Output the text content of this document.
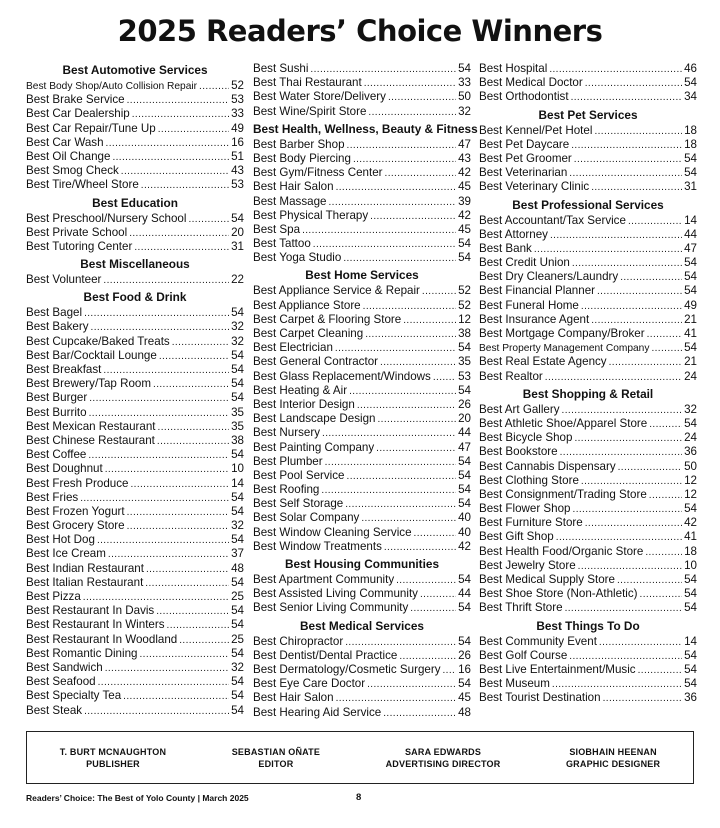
2025 Readers’ Choice Winners
Best Automotive Services
Best Body Shop/Auto Collision Repair .....	52
Best Brake Service .....	53
Best Car Dealership .....	33
Best Car Repair/Tune Up .....	49
Best Car Wash .....	16
Best Oil Change .....	51
Best Smog Check .....	43
Best Tire/Wheel Store .....	53
Best Education
Best Preschool/Nursery School .....	54
Best Private School .....	20
Best Tutoring Center .....	31
Best Miscellaneous
Best Volunteer .....	22
Best Food & Drink
Best Bagel .....	54
Best Bakery .....	32
Best Cupcake/Baked Treats .....	32
Best Bar/Cocktail Lounge .....	54
Best Breakfast .....	54
Best Brewery/Tap Room .....	54
Best Burger .....	54
Best Burrito .....	35
Best Mexican Restaurant .....	35
Best Chinese Restaurant .....	38
Best Coffee .....	54
Best Doughnut .....	10
Best Fresh Produce .....	14
Best Fries .....	54
Best Frozen Yogurt .....	54
Best Grocery Store .....	32
Best Hot Dog .....	54
Best Ice Cream .....	37
Best Indian Restaurant .....	48
Best Italian Restaurant .....	54
Best Pizza .....	25
Best Restaurant In Davis .....	54
Best Restaurant In Winters .....	54
Best Restaurant In Woodland .....	25
Best Romantic Dining .....	54
Best Sandwich .....	32
Best Seafood .....	54
Best Specialty Tea .....	54
Best Steak .....	54
Best Sushi .....	54
Best Thai Restaurant .....	33
Best Water Store/Delivery .....	50
Best Wine/Spirit Store .....	32
Best Health, Wellness, Beauty & Fitness
Best Barber Shop .....	47
Best Body Piercing .....	43
Best Gym/Fitness Center .....	42
Best Hair Salon .....	45
Best Massage .....	39
Best Physical Therapy .....	42
Best Spa .....	45
Best Tattoo .....	54
Best Yoga Studio .....	54
Best Home Services
Best Appliance Service & Repair .....	52
Best Appliance Store .....	52
Best Carpet & Flooring Store .....	12
Best Carpet Cleaning .....	38
Best Electrician .....	54
Best General Contractor .....	35
Best Glass Replacement/Windows ..... 53
Best Heating & Air .....	54
Best Interior Design .....	26
Best Landscape Design .....	20
Best Nursery .....	44
Best Painting Company .....	47
Best Plumber .....	54
Best Pool Service .....	54
Best Roofing .....	54
Best Self Storage .....	54
Best Solar Company .....	40
Best Window Cleaning Service .....	40
Best Window Treatments .....	42
Best Housing Communities
Best Apartment Community .....	54
Best Assisted Living Community .....	44
Best Senior Living Community .....	54
Best Medical Services
Best Chiropractor .....	54
Best Dentist/Dental Practice .....	26
Best Dermatology/Cosmetic Surgery ..... 16
Best Eye Care Doctor .....	54
Best Hair Salon .....	45
Best Hearing Aid Service .....	48
Best Hospital .....	46
Best Medical Doctor .....	54
Best Orthodontist .....	34
Best Pet Services
Best Kennel/Pet Hotel .....	18
Best Pet Daycare .....	18
Best Pet Groomer .....	54
Best Veterinarian .....	54
Best Veterinary Clinic .....	31
Best Professional Services
Best Accountant/Tax Service .....	14
Best Attorney .....	44
Best Bank .....	47
Best Credit Union .....	54
Best Dry Cleaners/Laundry .....	54
Best Financial Planner .....	54
Best Funeral Home .....	49
Best Insurance Agent .....	21
Best Mortgage Company/Broker .....	41
Best Property Management Company .....	54
Best Real Estate Agency .....	21
Best Realtor .....	24
Best Shopping & Retail
Best Art Gallery .....	32
Best Athletic Shoe/Apparel Store .....	54
Best Bicycle Shop .....	24
Best Bookstore .....	36
Best Cannabis Dispensary .....	50
Best Clothing Store .....	12
Best Consignment/Trading Store .....	12
Best Flower Shop .....	54
Best Furniture Store .....	42
Best Gift Shop .....	41
Best Health Food/Organic Store .....	18
Best Jewelry Store .....	10
Best Medical Supply Store .....	54
Best Shoe Store (Non-Athletic) .....	54
Best Thrift Store .....	54
Best Things To Do
Best Community Event .....	14
Best Golf Course .....	54
Best Live Entertainment/Music .....	54
Best Museum .....	54
Best Tourist Destination .....	36
T. BURT MCNAUGHTON
PUBLISHER
SEBASTIAN OÑATE
EDITOR
SARA EDWARDS
ADVERTISING DIRECTOR
SIOBHAIN HEENAN
GRAPHIC DESIGNER
Readers’ Choice: The Best of Yolo County | March 2025	8
